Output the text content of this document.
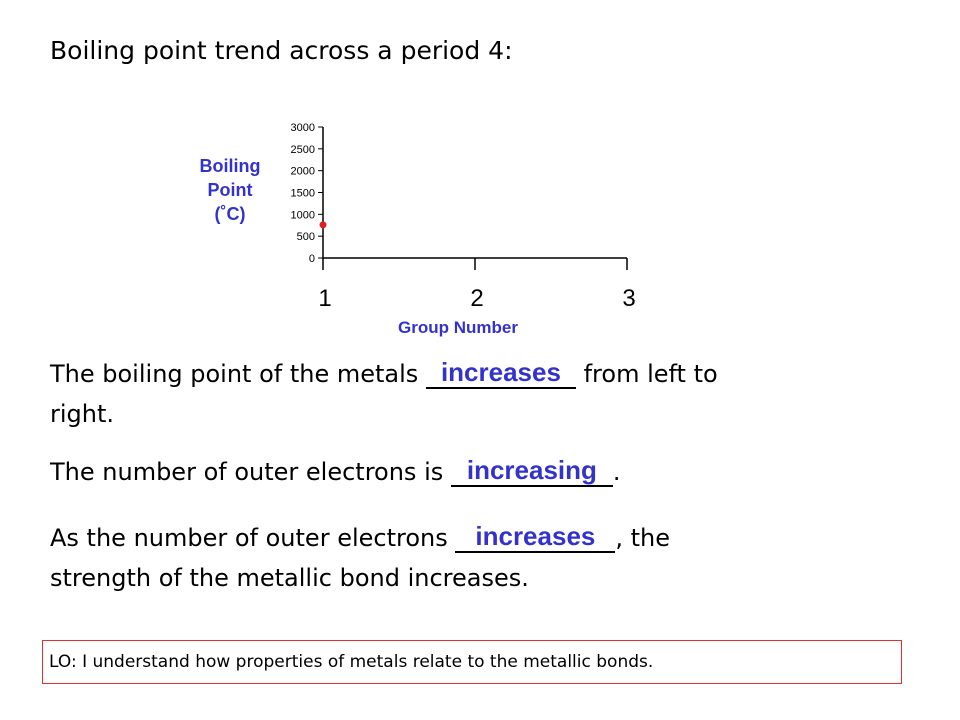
Boiling point trend across a period 4:
Boiling
Point
(˚C)
0
500
1000
1500
2000
2500
3000
1	2	3
Group Number
The boiling point of the metals increases from left to
right.
The number of outer electrons is increasing .
As the number of outer electrons	increases , the
strength of the metallic bond increases.
LO: I understand how properties of metals relate to the metallic bonds.
